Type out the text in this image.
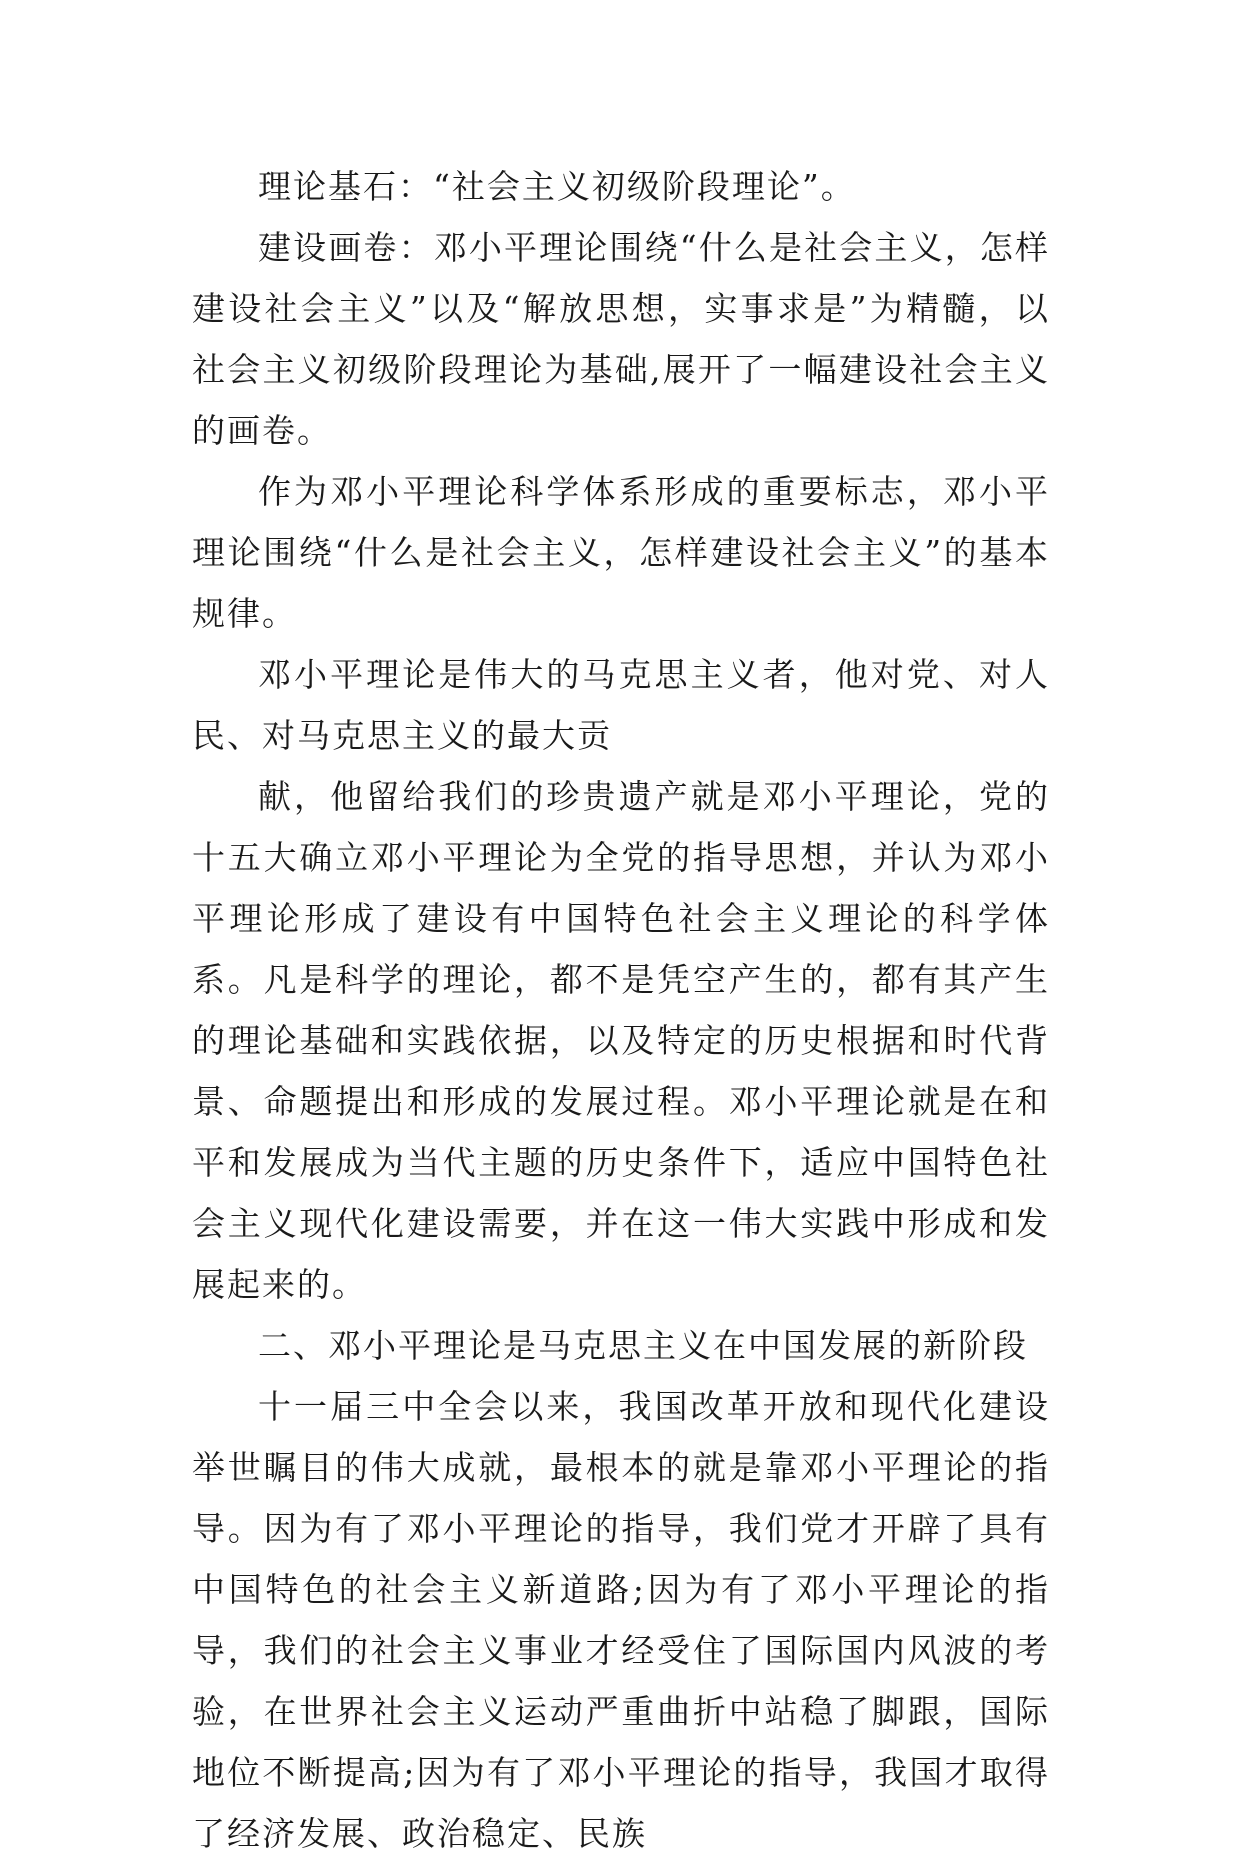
理论基石：“社会主义初级阶段理论”。

建设画卷：邓小平理论围绕“什么是社会主义，怎样建设社会主义”以及“解放思想，实事求是”为精髓，以社会主义初级阶段理论为基础,展开了一幅建设社会主义的画卷。

作为邓小平理论科学体系形成的重要标志，邓小平理论围绕“什么是社会主义，怎样建设社会主义”的基本规律。

邓小平理论是伟大的马克思主义者，他对党、对人民、对马克思主义的最大贡

献，他留给我们的珍贵遗产就是邓小平理论，党的十五大确立邓小平理论为全党的指导思想，并认为邓小平理论形成了建设有中国特色社会主义理论的科学体系。凡是科学的理论，都不是凭空产生的，都有其产生的理论基础和实践依据，以及特定的历史根据和时代背景、命题提出和形成的发展过程。邓小平理论就是在和平和发展成为当代主题的历史条件下，适应中国特色社会主义现代化建设需要，并在这一伟大实践中形成和发展起来的。

二、邓小平理论是马克思主义在中国发展的新阶段

十一届三中全会以来，我国改革开放和现代化建设举世瞩目的伟大成就，最根本的就是靠邓小平理论的指导。因为有了邓小平理论的指导，我们党才开辟了具有中国特色的社会主义新道路;因为有了邓小平理论的指导，我们的社会主义事业才经受住了国际国内风波的考验，在世界社会主义运动严重曲折中站稳了脚跟，国际地位不断提高;因为有了邓小平理论的指导，我国才取得了经济发展、政治稳定、民族
